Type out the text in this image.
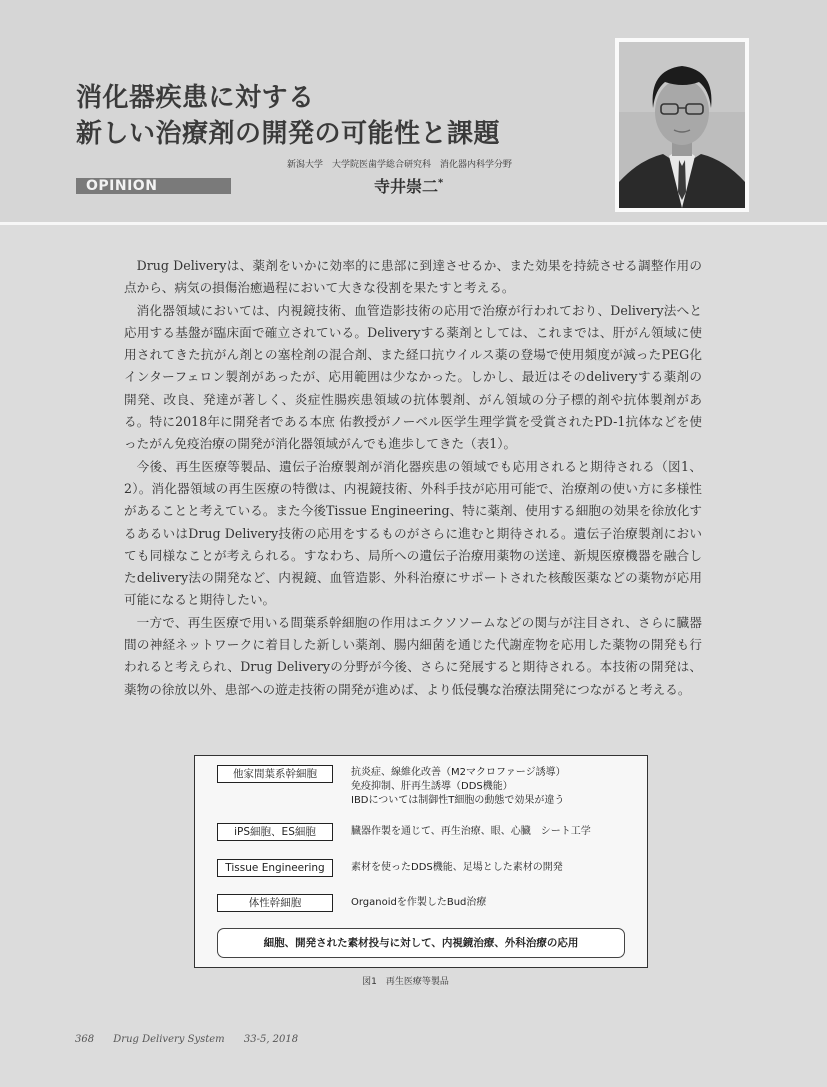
消化器疾患に対する
新しい治療剤の開発の可能性と課題
OPINION
新潟大学　大学院医歯学総合研究科　消化器内科学分野
寺井崇二*

Drug Deliveryは、薬剤をいかに効率的に患部に到達させるか、また効果を持続させる調整作用の点から、病気の損傷治癒過程において大きな役割を果たすと考える。

消化器領域においては、内視鏡技術、血管造影技術の応用で治療が行われており、Delivery法へと応用する基盤が臨床面で確立されている。Deliveryする薬剤としては、これまでは、肝がん領域に使用されてきた抗がん剤との塞栓剤の混合剤、また経口抗ウイルス薬の登場で使用頻度が減ったPEG化インターフェロン製剤があったが、応用範囲は少なかった。しかし、最近はそのdeliveryする薬剤の開発、改良、発達が著しく、炎症性腸疾患領域の抗体製剤、がん領域の分子標的剤や抗体製剤がある。特に2018年に開発者である本庶 佑教授がノーベル医学生理学賞を受賞されたPD-1抗体などを使ったがん免疫治療の開発が消化器領域がんでも進歩してきた（表1）。

今後、再生医療等製品、遺伝子治療製剤が消化器疾患の領域でも応用されると期待される（図1、2）。消化器領域の再生医療の特徴は、内視鏡技術、外科手技が応用可能で、治療剤の使い方に多様性があることと考えている。また今後Tissue Engineering、特に薬剤、使用する細胞の効果を徐放化するあるいはDrug Delivery技術の応用をするものがさらに進むと期待される。遺伝子治療製剤においても同様なことが考えられる。すなわち、局所への遺伝子治療用薬物の送達、新規医療機器を融合したdelivery法の開発など、内視鏡、血管造影、外科治療にサポートされた核酸医薬などの薬物が応用可能になると期待したい。

一方で、再生医療で用いる間葉系幹細胞の作用はエクソソームなどの関与が注目され、さらに臓器間の神経ネットワークに着目した新しい薬剤、腸内細菌を通じた代謝産物を応用した薬物の開発も行われると考えられ、Drug Deliveryの分野が今後、さらに発展すると期待される。本技術の開発は、薬物の徐放以外、患部への遊走技術の開発が進めば、より低侵襲な治療法開発につながると考える。

他家間葉系幹細胞	抗炎症、線維化改善（M2マクロファージ誘導）
免疫抑制、肝再生誘導（DDS機能）
IBDについては制御性T細胞の動態で効果が違う
iPS細胞、ES細胞	臓器作製を通じて、再生治療、眼、心臓　シート工学
Tissue Engineering	素材を使ったDDS機能、足場とした素材の開発
体性幹細胞	Organoidを作製したBud治療
細胞、開発された素材投与に対して、内視鏡治療、外科治療の応用
図1　再生医療等製品
368 Drug Delivery System 33-5, 2018
